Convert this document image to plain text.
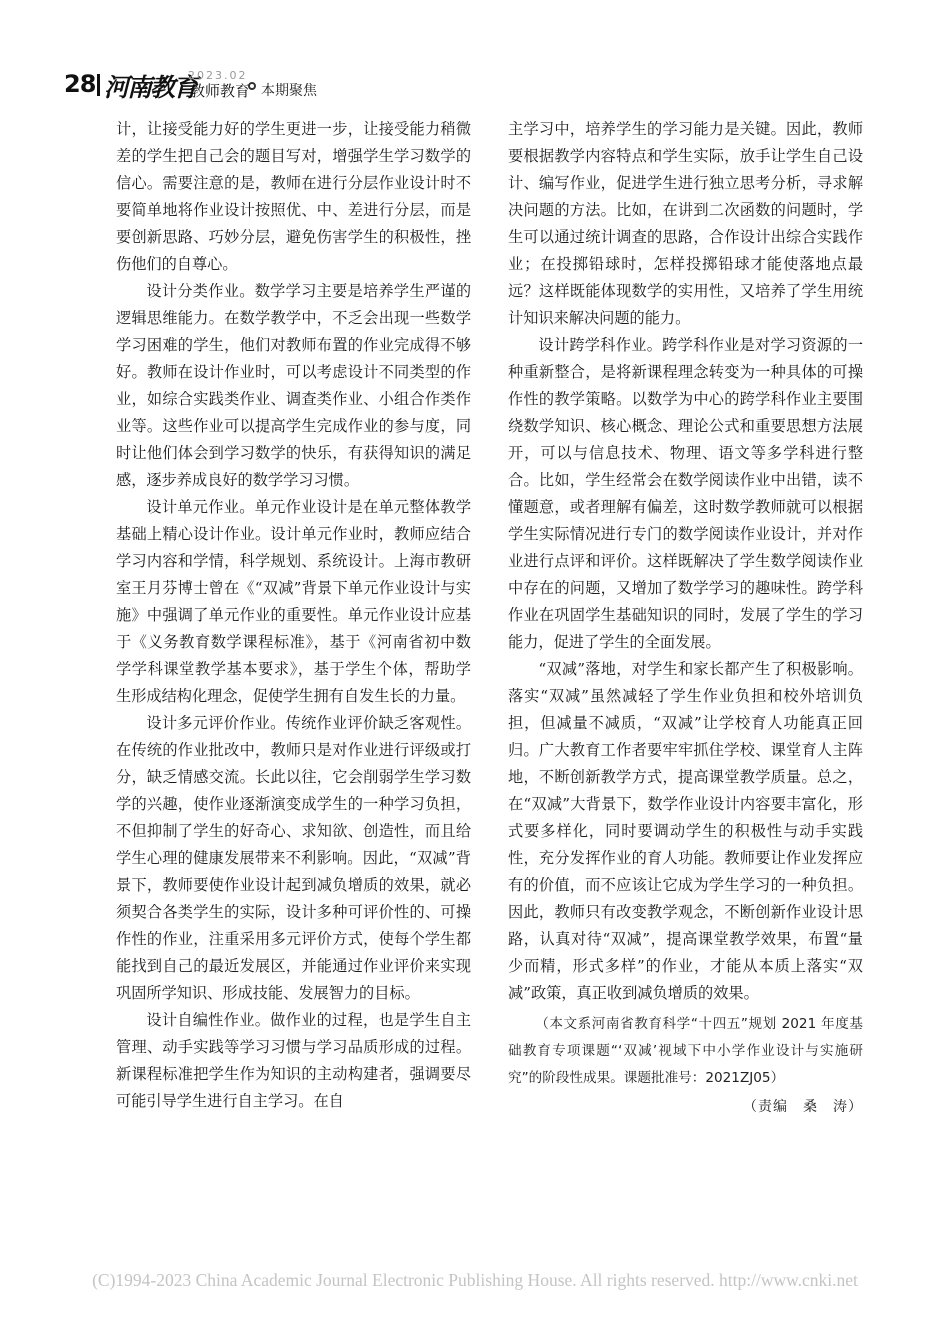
28 河南教育
2023.02
教师教育 本期聚焦

计，让接受能力好的学生更进一步，让接受能力稍微差的学生把自己会的题目写对，增强学生学习数学的信心。需要注意的是，教师在进行分层作业设计时不要简单地将作业设计按照优、中、差进行分层，而是要创新思路、巧妙分层，避免伤害学生的积极性，挫伤他们的自尊心。

设计分类作业。数学学习主要是培养学生严谨的逻辑思维能力。在数学教学中，不乏会出现一些数学学习困难的学生，他们对教师布置的作业完成得不够好。教师在设计作业时，可以考虑设计不同类型的作业，如综合实践类作业、调查类作业、小组合作类作业等。这些作业可以提高学生完成作业的参与度，同时让他们体会到学习数学的快乐，有获得知识的满足感，逐步养成良好的数学学习习惯。

设计单元作业。单元作业设计是在单元整体教学基础上精心设计作业。设计单元作业时，教师应结合学习内容和学情，科学规划、系统设计。上海市教研室王月芬博士曾在《“双减”背景下单元作业设计与实施》中强调了单元作业的重要性。单元作业设计应基于《义务教育数学课程标准》，基于《河南省初中数学学科课堂教学基本要求》，基于学生个体，帮助学生形成结构化理念，促使学生拥有自发生长的力量。

设计多元评价作业。传统作业评价缺乏客观性。在传统的作业批改中，教师只是对作业进行评级或打分，缺乏情感交流。长此以往，它会削弱学生学习数学的兴趣，使作业逐渐演变成学生的一种学习负担，不但抑制了学生的好奇心、求知欲、创造性，而且给学生心理的健康发展带来不利影响。因此，“双减”背景下，教师要使作业设计起到减负增质的效果，就必须契合各类学生的实际，设计多种可评价性的、可操作性的作业，注重采用多元评价方式，使每个学生都能找到自己的最近发展区，并能通过作业评价来实现巩固所学知识、形成技能、发展智力的目标。

设计自编性作业。做作业的过程，也是学生自主管理、动手实践等学习习惯与学习品质形成的过程。新课程标准把学生作为知识的主动构建者，强调要尽可能引导学生进行自主学习。在自

主学习中，培养学生的学习能力是关键。因此，教师要根据教学内容特点和学生实际，放手让学生自己设计、编写作业，促进学生进行独立思考分析，寻求解决问题的方法。比如，在讲到二次函数的问题时，学生可以通过统计调查的思路，合作设计出综合实践作业；在投掷铅球时，怎样投掷铅球才能使落地点最远？这样既能体现数学的实用性，又培养了学生用统计知识来解决问题的能力。

设计跨学科作业。跨学科作业是对学习资源的一种重新整合，是将新课程理念转变为一种具体的可操作性的教学策略。以数学为中心的跨学科作业主要围绕数学知识、核心概念、理论公式和重要思想方法展开，可以与信息技术、物理、语文等多学科进行整合。比如，学生经常会在数学阅读作业中出错，读不懂题意，或者理解有偏差，这时数学教师就可以根据学生实际情况进行专门的数学阅读作业设计，并对作业进行点评和评价。这样既解决了学生数学阅读作业中存在的问题，又增加了数学学习的趣味性。跨学科作业在巩固学生基础知识的同时，发展了学生的学习能力，促进了学生的全面发展。

“双减”落地，对学生和家长都产生了积极影响。落实“双减”虽然减轻了学生作业负担和校外培训负担，但减量不减质，“双减”让学校育人功能真正回归。广大教育工作者要牢牢抓住学校、课堂育人主阵地，不断创新教学方式，提高课堂教学质量。总之，在“双减”大背景下，数学作业设计内容要丰富化，形式要多样化，同时要调动学生的积极性与动手实践性，充分发挥作业的育人功能。教师要让作业发挥应有的价值，而不应该让它成为学生学习的一种负担。因此，教师只有改变教学观念，不断创新作业设计思路，认真对待“双减”，提高课堂教学效果，布置“量少而精，形式多样”的作业，才能从本质上落实“双减”政策，真正收到减负增质的效果。

（本文系河南省教育科学“十四五”规划 2021 年度基础教育专项课题“‘双减’视域下中小学作业设计与实施研究”的阶段性成果。课题批准号：2021ZJ05）

（责编　桑　涛）

(C)1994-2023 China Academic Journal Electronic Publishing House. All rights reserved. http://www.cnki.net
